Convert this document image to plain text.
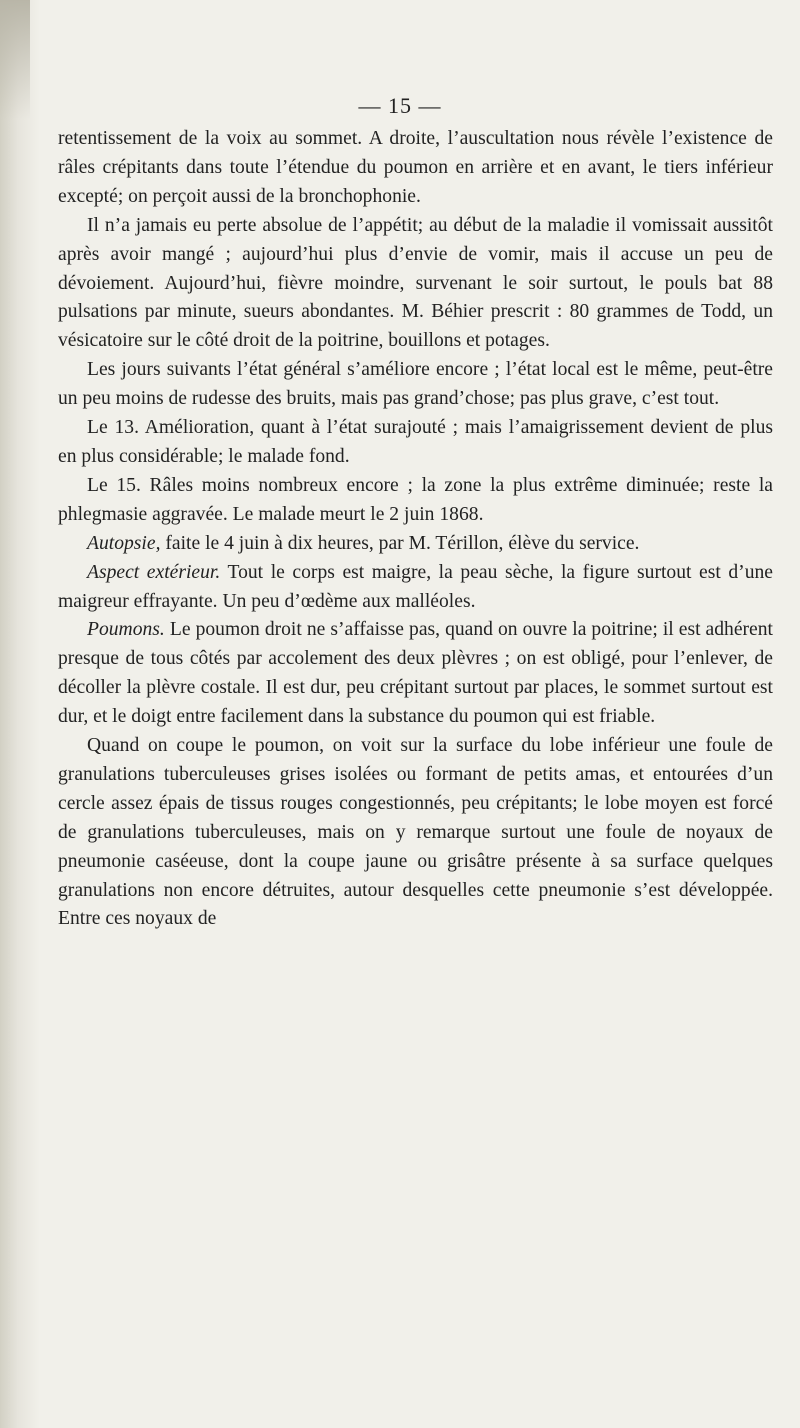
— 15 —

retentissement de la voix au sommet. A droite, l’auscultation nous révèle l’existence de râles crépitants dans toute l’étendue du poumon en arrière et en avant, le tiers inférieur excepté; on perçoit aussi de la bronchophonie.

Il n’a jamais eu perte absolue de l’appétit; au début de la maladie il vomissait aussitôt après avoir mangé ; aujourd’hui plus d’envie de vomir, mais il accuse un peu de dévoiement. Aujourd’hui, fièvre moindre, survenant le soir surtout, le pouls bat 88 pulsations par minute, sueurs abondantes. M. Béhier prescrit : 80 grammes de Todd, un vésicatoire sur le côté droit de la poitrine, bouillons et potages.

Les jours suivants l’état général s’améliore encore ; l’état local est le même, peut-être un peu moins de rudesse des bruits, mais pas grand’chose; pas plus grave, c’est tout.

Le 13. Amélioration, quant à l’état surajouté ; mais l’amaigrissement devient de plus en plus considérable; le malade fond.

Le 15. Râles moins nombreux encore ; la zone la plus extrême diminuée; reste la phlegmasie aggravée. Le malade meurt le 2 juin 1868.

Autopsie, faite le 4 juin à dix heures, par M. Térillon, élève du service.

Aspect extérieur. Tout le corps est maigre, la peau sèche, la figure surtout est d’une maigreur effrayante. Un peu d’œdème aux malléoles.

Poumons. Le poumon droit ne s’affaisse pas, quand on ouvre la poitrine; il est adhérent presque de tous côtés par accolement des deux plèvres ; on est obligé, pour l’enlever, de décoller la plèvre costale. Il est dur, peu crépitant surtout par places, le sommet surtout est dur, et le doigt entre facilement dans la substance du poumon qui est friable.

Quand on coupe le poumon, on voit sur la surface du lobe inférieur une foule de granulations tuberculeuses grises isolées ou formant de petits amas, et entourées d’un cercle assez épais de tissus rouges congestionnés, peu crépitants; le lobe moyen est forcé de granulations tuberculeuses, mais on y remarque surtout une foule de noyaux de pneumonie caséeuse, dont la coupe jaune ou grisâtre présente à sa surface quelques granulations non encore détruites, autour desquelles cette pneumonie s’est développée. Entre ces noyaux de
